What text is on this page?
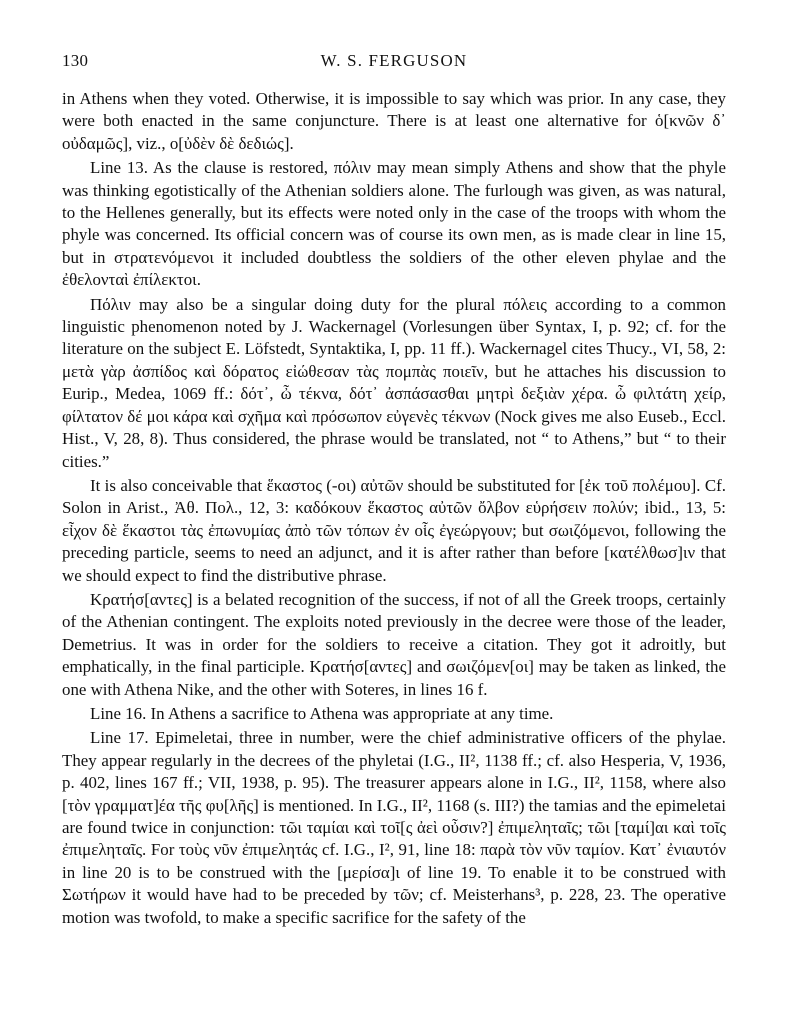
130	W. S. FERGUSON

in Athens when they voted. Otherwise, it is impossible to say which was prior. In any case, they were both enacted in the same conjuncture. There is at least one alternative for ὁ[κνῶν δ᾽ οὐδαμῶς], viz., ο[ὐδὲν δὲ δεδιώς].

Line 13. As the clause is restored, πόλιν may mean simply Athens and show that the phyle was thinking egotistically of the Athenian soldiers alone. The furlough was given, as was natural, to the Hellenes generally, but its effects were noted only in the case of the troops with whom the phyle was concerned. Its official concern was of course its own men, as is made clear in line 15, but in στρατενόμενοι it included doubtless the soldiers of the other eleven phylae and the ἐθελονταὶ ἐπίλεκτοι.

Πόλιν may also be a singular doing duty for the plural πόλεις according to a common linguistic phenomenon noted by J. Wackernagel (Vorlesungen über Syntax, I, p. 92; cf. for the literature on the subject E. Löfstedt, Syntaktika, I, pp. 11 ff.). Wackernagel cites Thucy., VI, 58, 2: μετὰ γὰρ ἀσπίδος καὶ δόρατος εἰώθεσαν τὰς πομπὰς ποιεῖν, but he attaches his discussion to Eurip., Medea, 1069 ff.: δότ᾽, ὦ τέκνα, δότ᾽ ἀσπάσασθαι μητρὶ δεξιὰν χέρα. ὦ φιλτάτη χείρ, φίλτατον δέ μοι κάρα καὶ σχῆμα καὶ πρόσωπον εὐγενὲς τέκνων (Nock gives me also Euseb., Eccl. Hist., V, 28, 8). Thus considered, the phrase would be translated, not “ to Athens,” but “ to their cities.”

It is also conceivable that ἕκαστος (-οι) αὐτῶν should be substituted for [ἐκ τοῦ πολέμου]. Cf. Solon in Arist., Ἀθ. Πολ., 12, 3: καδόκουν ἕκαστος αὐτῶν ὄλβον εὑρήσειν πολύν; ibid., 13, 5: εἶχον δὲ ἕκαστοι τὰς ἐπωνυμίας ἀπὸ τῶν τόπων ἐν οἷς ἐγεώργουν; but σωιζόμενοι, following the preceding particle, seems to need an adjunct, and it is after rather than before [κατέλθωσ]ιν that we should expect to find the distributive phrase.

Κρατήσ[αντες] is a belated recognition of the success, if not of all the Greek troops, certainly of the Athenian contingent. The exploits noted previously in the decree were those of the leader, Demetrius. It was in order for the soldiers to receive a citation. They got it adroitly, but emphatically, in the final participle. Κρατήσ[αντες] and σωιζόμεν[οι] may be taken as linked, the one with Athena Nike, and the other with Soteres, in lines 16 f.

Line 16. In Athens a sacrifice to Athena was appropriate at any time.

Line 17. Epimeletai, three in number, were the chief administrative officers of the phylae. They appear regularly in the decrees of the phyletai (I.G., II², 1138 ff.; cf. also Hesperia, V, 1936, p. 402, lines 167 ff.; VII, 1938, p. 95). The treasurer appears alone in I.G., II², 1158, where also [τὸν γραμματ]έα τῆς φυ[λῆς] is mentioned. In I.G., II², 1168 (s. III?) the tamias and the epimeletai are found twice in conjunction: τῶι ταμίαι καὶ τοῖ[ς ἀεὶ οὖσιν?] ἐπιμεληταῖς; τῶι [ταμί]αι καὶ τοῖς ἐπιμεληταῖς. For τοὺς νῦν ἐπιμελητάς cf. I.G., I², 91, line 18: παρὰ τὸν νῦν ταμίον. Κατ᾽ ἐνιαυτόν in line 20 is to be construed with the [μερίσα]ι of line 19. To enable it to be construed with Σωτήρων it would have had to be preceded by τῶν; cf. Meisterhans³, p. 228, 23. The operative motion was twofold, to make a specific sacrifice for the safety of the
